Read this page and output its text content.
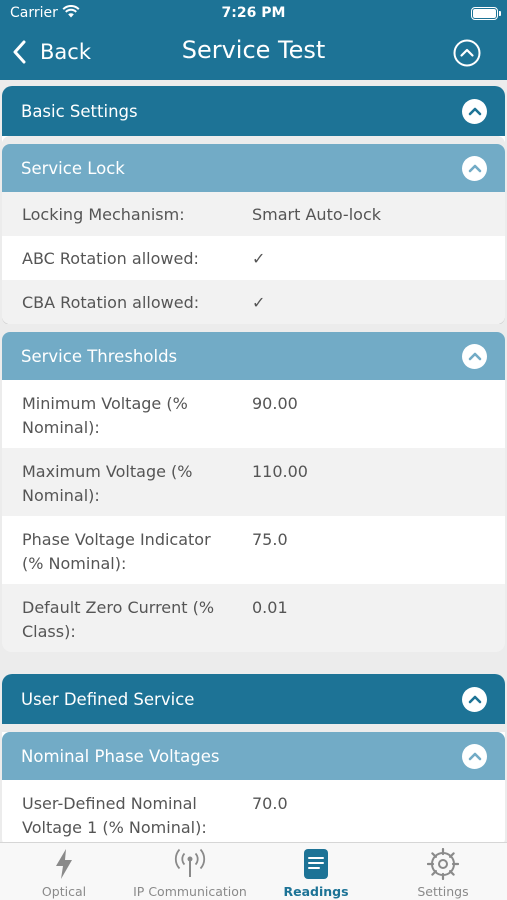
Carrier	7:26 PM
Back	Service Test
Basic Settings
Service Lock
Locking Mechanism:	Smart Auto-lock
ABC Rotation allowed:	✓
CBA Rotation allowed:	✓
Service Thresholds
Minimum Voltage (% Nominal):
90.00
Maximum Voltage (% Nominal):
110.00
Phase Voltage Indicator (% Nominal):
75.0
Default Zero Current (% Class):
0.01
User Defined Service
Nominal Phase Voltages
User-Defined Nominal Voltage 1 (% Nominal):
70.0
Optical	IP Communication	Readings	Settings
